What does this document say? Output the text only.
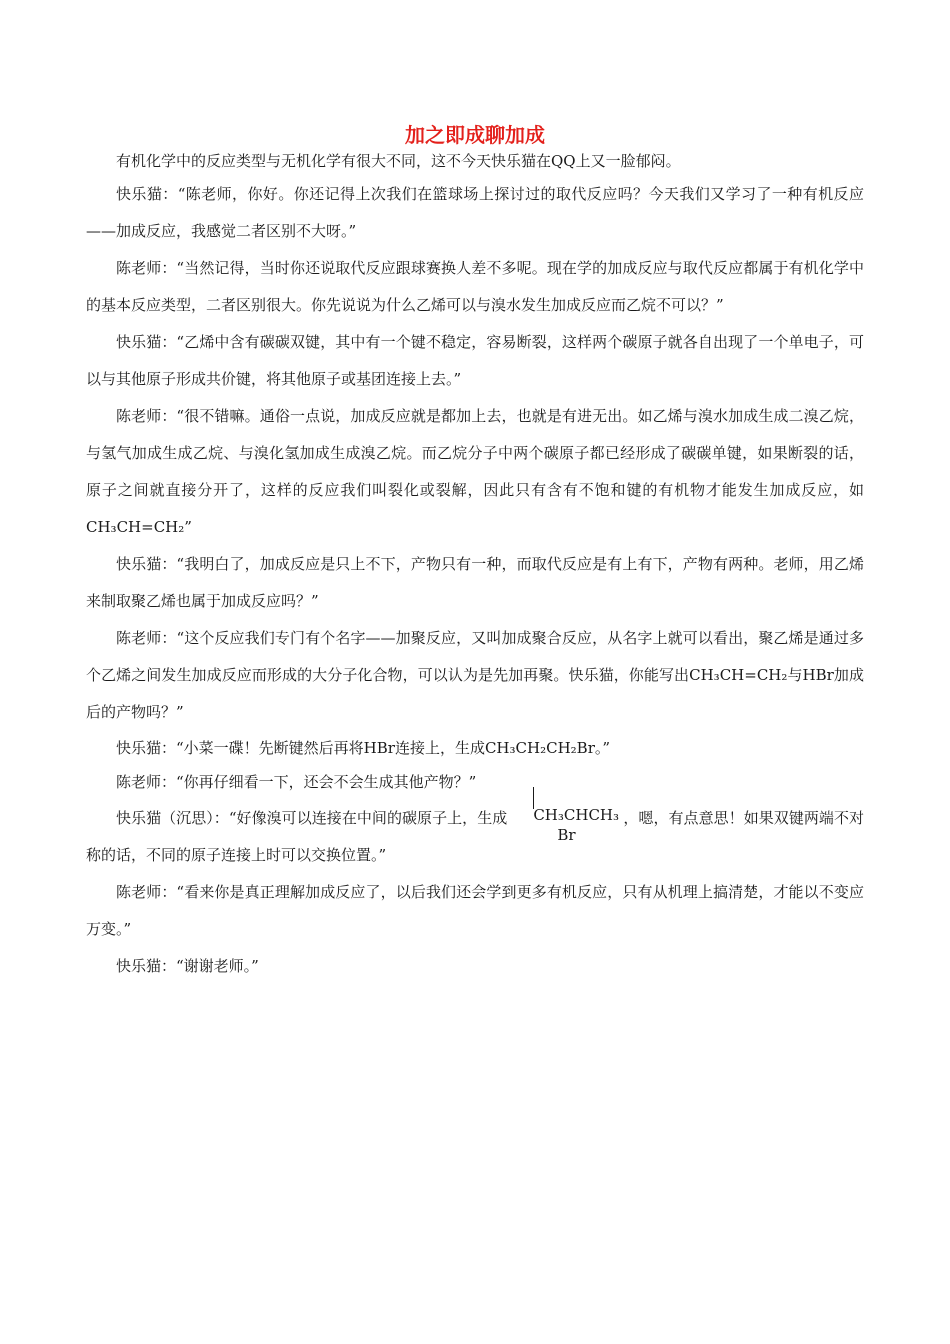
加之即成聊加成

有机化学中的反应类型与无机化学有很大不同，这不今天快乐猫在QQ上又一脸郁闷。

快乐猫：“陈老师，你好。你还记得上次我们在篮球场上探讨过的取代反应吗？今天我们又学习了一种有机反应——加成反应，我感觉二者区别不大呀。”

陈老师：“当然记得，当时你还说取代反应跟球赛换人差不多呢。现在学的加成反应与取代反应都属于有机化学中的基本反应类型，二者区别很大。你先说说为什么乙烯可以与溴水发生加成反应而乙烷不可以？”

快乐猫：“乙烯中含有碳碳双键，其中有一个键不稳定，容易断裂，这样两个碳原子就各自出现了一个单电子，可以与其他原子形成共价键，将其他原子或基团连接上去。”

陈老师：“很不错嘛。通俗一点说，加成反应就是都加上去，也就是有进无出。如乙烯与溴水加成生成二溴乙烷，与氢气加成生成乙烷、与溴化氢加成生成溴乙烷。而乙烷分子中两个碳原子都已经形成了碳碳单键，如果断裂的话，原子之间就直接分开了，这样的反应我们叫裂化或裂解，因此只有含有不饱和键的有机物才能发生加成反应，如CH₃CH=CH₂”

快乐猫：“我明白了，加成反应是只上不下，产物只有一种，而取代反应是有上有下，产物有两种。老师，用乙烯来制取聚乙烯也属于加成反应吗？”

陈老师：“这个反应我们专门有个名字——加聚反应，又叫加成聚合反应，从名字上就可以看出，聚乙烯是通过多个乙烯之间发生加成反应而形成的大分子化合物，可以认为是先加再聚。快乐猫，你能写出CH₃CH=CH₂与HBr加成后的产物吗？”

快乐猫：“小菜一碟！先断键然后再将HBr连接上，生成CH₃CH₂CH₂Br。”

陈老师：“你再仔细看一下，还会不会生成其他产物？”

快乐猫（沉思）：“好像溴可以连接在中间的碳原子上，生成	CH₃CHCH₃
Br
，嗯，有点意思！如果双键两端不对称的话，不同的原子连接上时可以交换位置。”

陈老师：“看来你是真正理解加成反应了，以后我们还会学到更多有机反应，只有从机理上搞清楚，才能以不变应万变。”

快乐猫：“谢谢老师。”
